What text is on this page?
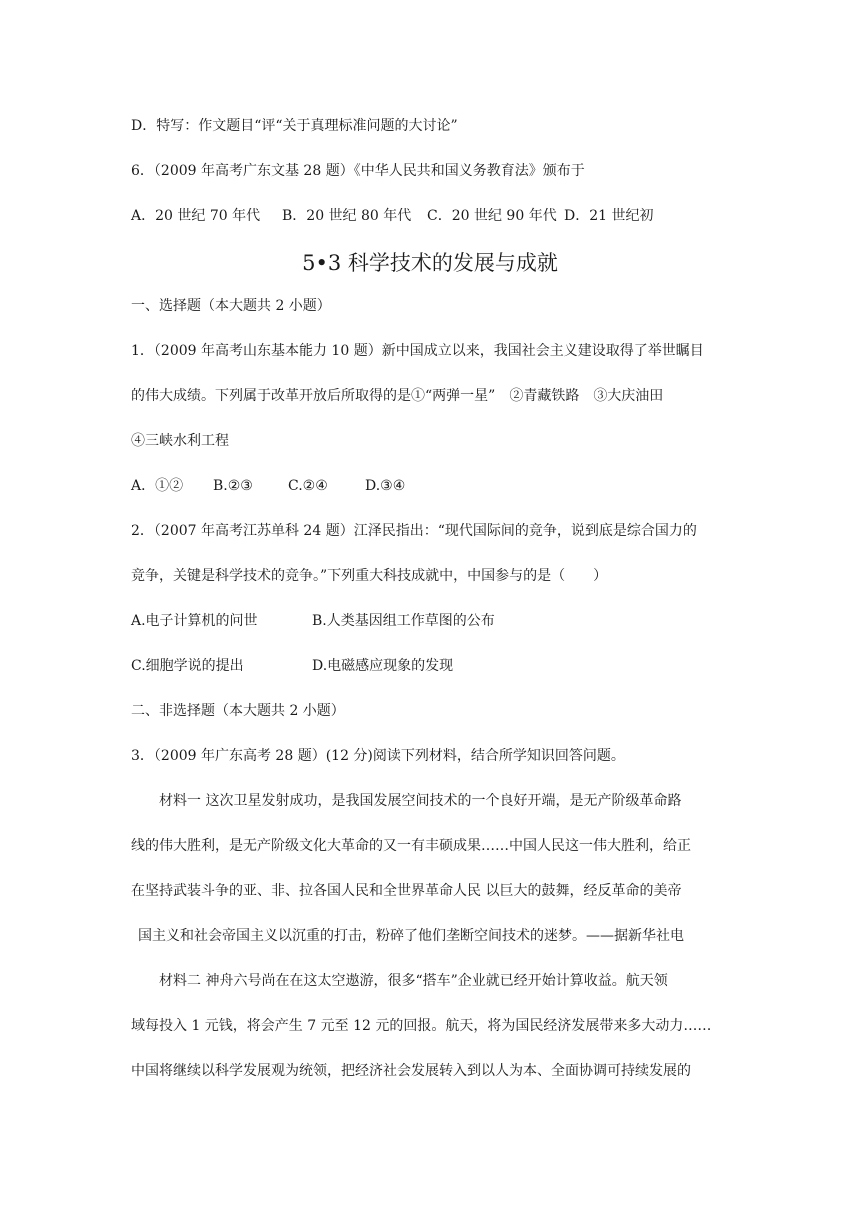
D．特写：作文题目“评“关于真理标准问题的大讨论”
6．（2009 年高考广东文基 28 题）《中华人民共和国义务教育法》颁布于
A．20 世纪 70 年代 B．20 世纪 80 年代 C．20 世纪 90 年代 D．21 世纪初
5•3 科学技术的发展与成就
一、选择题（本大题共 2 小题）
1．（2009 年高考山东基本能力 10 题）新中国成立以来，我国社会主义建设取得了举世瞩目
的伟大成绩。下列属于改革开放后所取得的是①“两弹一星”　②青藏铁路　③大庆油田
④三峡水利工程
A．①② B.②③	C.②④	D.③④
2．（2007 年高考江苏单科 24 题）江泽民指出：“现代国际间的竞争，说到底是综合国力的
竞争，关键是科学技术的竞争。”下列重大科技成就中，中国参与的是（　　）
A.电子计算机的问世	B.人类基因组工作草图的公布
C.细胞学说的提出	D.电磁感应现象的发现
二、非选择题（本大题共 2 小题）
3．（2009 年广东高考 28 题）(12 分)阅读下列材料，结合所学知识回答问题。
　　材料一 这次卫星发射成功，是我国发展空间技术的一个良好开端，是无产阶级革命路
线的伟大胜利，是无产阶级文化大革命的又一有丰硕成果……中国人民这一伟大胜利，给正
在坚持武装斗争的亚、非、拉各国人民和全世界革命人民 以巨大的鼓舞，经反革命的美帝
国主义和社会帝国主义以沉重的打击，粉碎了他们垄断空间技术的迷梦。——据新华社电
　　材料二 神舟六号尚在在这太空遨游，很多“搭车”企业就已经开始计算收益。航天领
域每投入 1 元钱，将会产生 7 元至 12 元的回报。航天，将为国民经济发展带来多大动力……
中国将继续以科学发展观为统领，把经济社会发展转入到以人为本、全面协调可持续发展的
